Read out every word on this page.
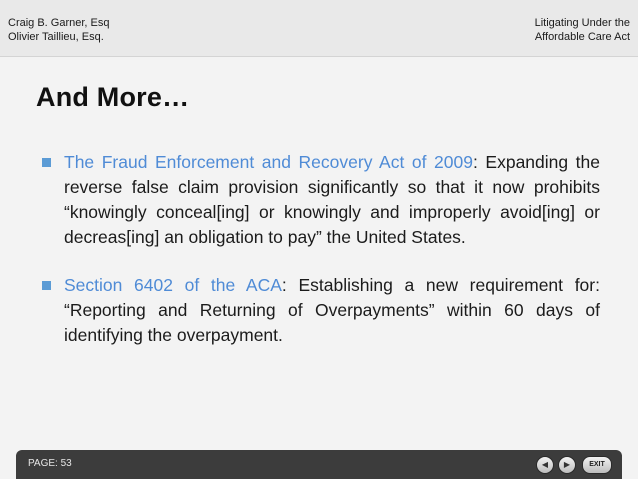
Craig B. Garner, Esq
Olivier Taillieu, Esq.
Litigating Under the
Affordable Care Act
And More…
The Fraud Enforcement and Recovery Act of 2009: Expanding the reverse false claim provision significantly so that it now prohibits “knowingly conceal[ing] or knowingly and improperly avoid[ing] or decreas[ing] an obligation to pay” the United States.
Section 6402 of the ACA: Establishing a new requirement for: “Reporting and Returning of Overpayments” within 60 days of identifying the overpayment.
PAGE: 53	◀ ▶	EXIT
